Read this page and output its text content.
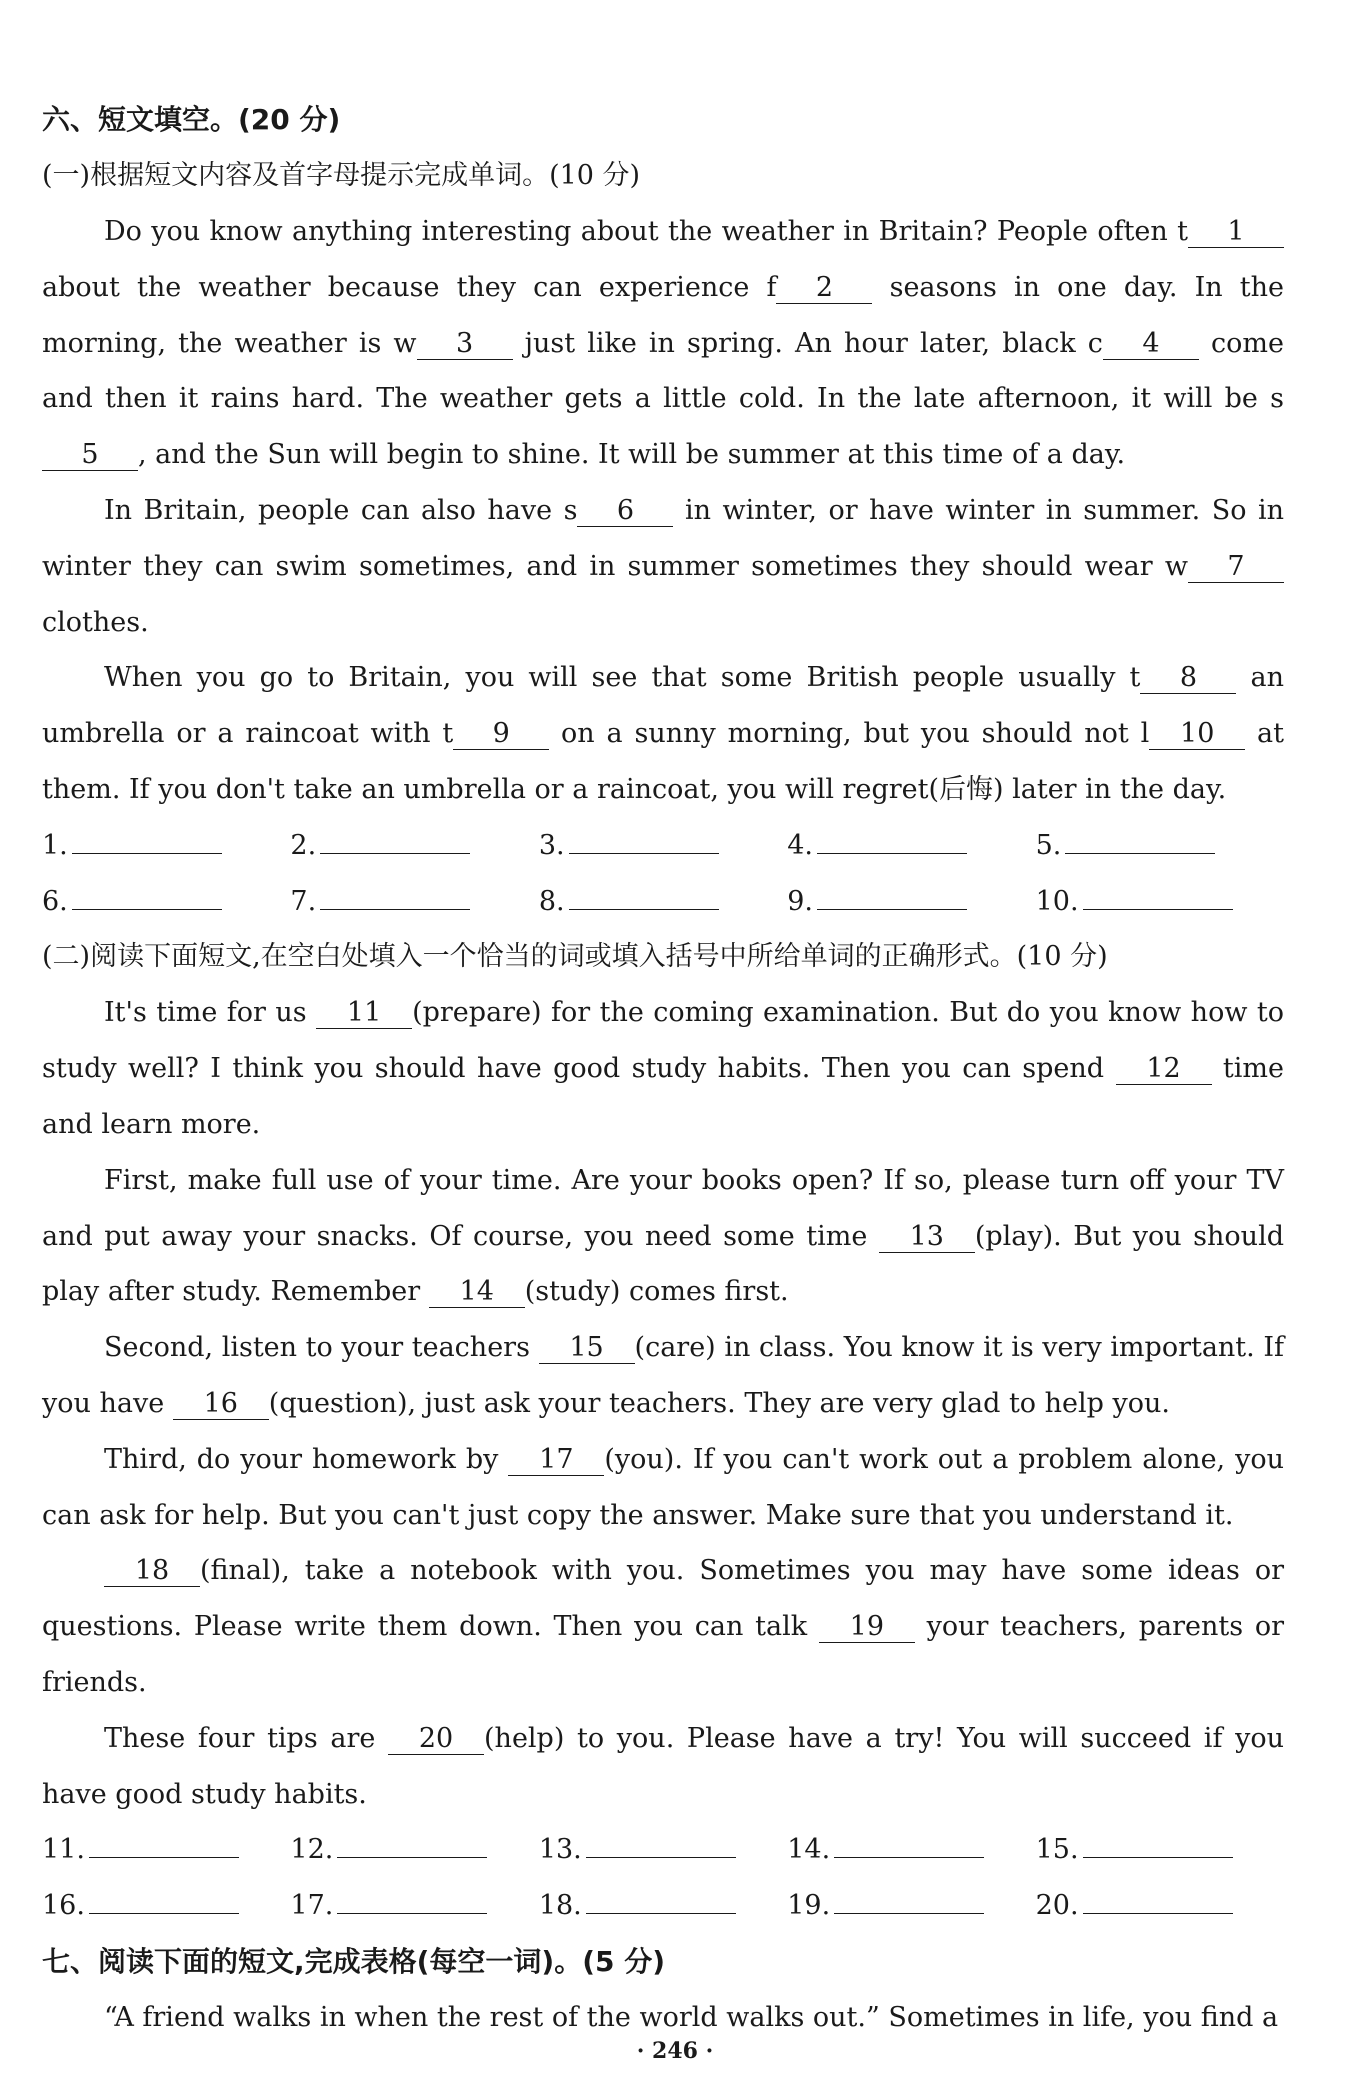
六、短文填空。(20 分)

(一)根据短文内容及首字母提示完成单词。(10 分)

Do you know anything interesting about the weather in Britain? People often t 1 about the weather because they can experience f 2 seasons in one day. In the morning, the weather is w 3 just like in spring. An hour later, black c 4 come and then it rains hard. The weather gets a little cold. In the late afternoon, it will be s5 , and the Sun will begin to shine. It will be summer at this time of a day.

In Britain, people can also have s 6 in winter, or have winter in summer. So in winter they can swim sometimes, and in summer sometimes they should wear w 7 clothes.

When you go to Britain, you will see that some British people usually t 8 an umbrella or a raincoat with t 9 on a sunny morning, but you should not l 10 at them. If you don't take an umbrella or a raincoat, you will regret(后悔) later in the day.

1.	2.	3.	4.	5.
6.	7.	8.	9.	10.

(二)阅读下面短文,在空白处填入一个恰当的词或填入括号中所给单词的正确形式。(10 分)

It's time for us 11 (prepare) for the coming examination. But do you know how to study well? I think you should have good study habits. Then you can spend 12 time and learn more.

First, make full use of your time. Are your books open? If so, please turn off your TV and put away your snacks. Of course, you need some time 13 (play). But you should play after study. Remember 14 (study) comes first.

Second, listen to your teachers 15 (care) in class. You know it is very important. If you have 16 (question), just ask your teachers. They are very glad to help you.

Third, do your homework by 17 (you). If you can't work out a problem alone, you can ask for help. But you can't just copy the answer. Make sure that you understand it.

18 (final), take a notebook with you. Sometimes you may have some ideas or questions. Please write them down. Then you can talk 19 your teachers, parents or friends.

These four tips are 20 (help) to you. Please have a try! You will succeed if you have good study habits.

11.	12.	13.	14.	15.
16.	17.	18.	19.	20.

七、阅读下面的短文,完成表格(每空一词)。(5 分)

“A friend walks in when the rest of the world walks out.” Sometimes in life, you find a

· 246 ·
